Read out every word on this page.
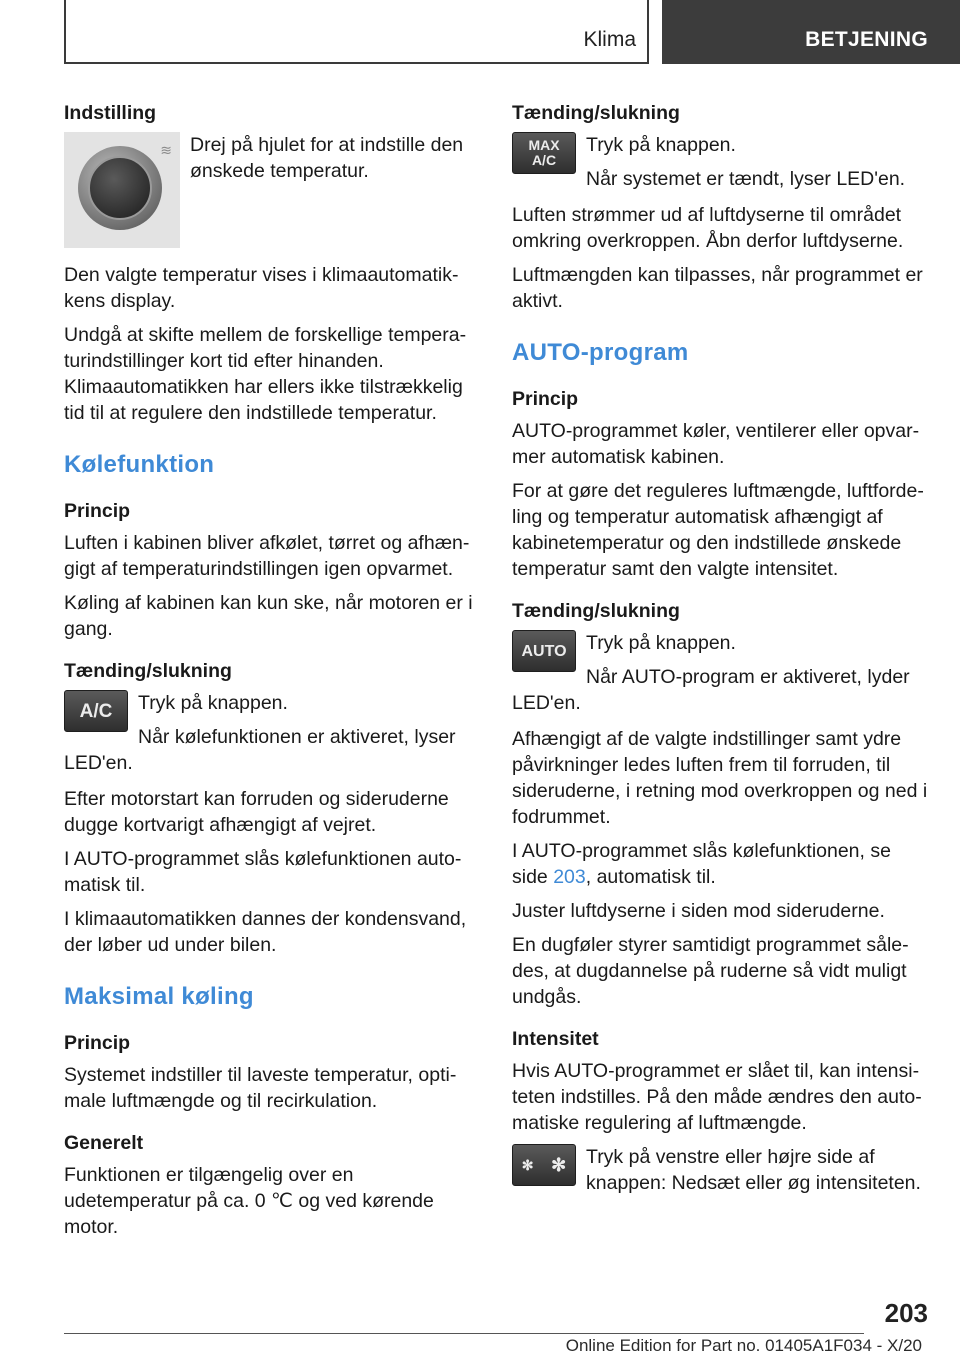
Klima	BETJENING
Indstilling
≋ Drej på hjulet for at indstille den ønskede temperatur.

Den valgte temperatur vises i klimaautomatikkens display.

Undgå at skifte mellem de forskellige temperaturindstillinger kort tid efter hinanden. Klimaautomatikken har ellers ikke tilstrækkelig tid til at regulere den indstillede temperatur.

Kølefunktion
Princip

Luften i kabinen bliver afkølet, tørret og afhængigt af temperaturindstillingen igen opvarmet.

Køling af kabinen kan kun ske, når motoren er i gang.

Tænding/slukning
A/C	Tryk på knappen.
Når kølefunktionen er aktiveret, lyser LED'en.

Efter motorstart kan forruden og sideruderne dugge kortvarigt afhængigt af vejret.

I AUTO-programmet slås kølefunktionen automatisk til.

I klimaautomatikken dannes der kondensvand, der løber ud under bilen.

Maksimal køling
Princip

Systemet indstiller til laveste temperatur, optimale luftmængde og til recirkulation.

Generelt

Funktionen er tilgængelig over en udetemperatur på ca. 0 ℃ og ved kørende motor.

Tænding/slukning
MAX
A/C
Tryk på knappen.
Når systemet er tændt, lyser LED'en.

Luften strømmer ud af luftdyserne til området omkring overkroppen. Åbn derfor luftdyserne.

Luftmængden kan tilpasses, når programmet er aktivt.

AUTO-program
Princip

AUTO-programmet køler, ventilerer eller opvarmer automatisk kabinen.

For at gøre det reguleres luftmængde, luftfordeling og temperatur automatisk afhængigt af kabinetemperatur og den indstillede ønskede temperatur samt den valgte intensitet.

Tænding/slukning
AUTO Tryk på knappen.
Når AUTO-program er aktiveret, lyder LED'en.

Afhængigt af de valgte indstillinger samt ydre påvirkninger ledes luften frem til forruden, til sideruderne, i retning mod overkroppen og ned i fodrummet.

I AUTO-programmet slås kølefunktionen, se side 203, automatisk til.

Juster luftdyserne i siden mod sideruderne.

En dugføler styrer samtidigt programmet således, at dugdannelse på ruderne så vidt muligt undgås.

Intensitet

Hvis AUTO-programmet er slået til, kan intensiteten indstilles. På den måde ændres den automatiske regulering af luftmængde.

✻ ✻	Tryk på venstre eller højre side af knappen: Nedsæt eller øg intensiteten.
203
Online Edition for Part no. 01405A1F034 - X/20
